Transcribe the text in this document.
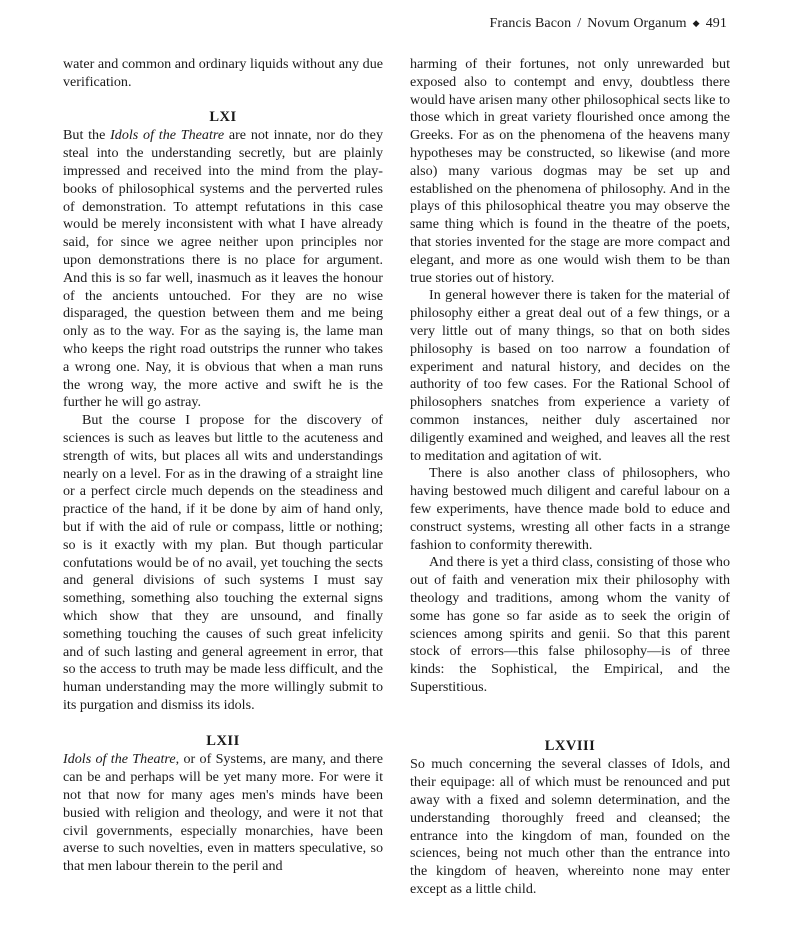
Francis Bacon / Novum Organum ◆ 491

water and common and ordinary liquids without any due verification.

LXI

But the Idols of the Theatre are not innate, nor do they steal into the understanding secretly, but are plainly impressed and received into the mind from the play-books of philosophical systems and the perverted rules of demonstration. To attempt refutations in this case would be merely inconsistent with what I have already said, for since we agree neither upon principles nor upon demonstrations there is no place for argument. And this is so far well, inasmuch as it leaves the honour of the ancients untouched. For they are no wise disparaged, the question between them and me being only as to the way. For as the saying is, the lame man who keeps the right road outstrips the runner who takes a wrong one. Nay, it is obvious that when a man runs the wrong way, the more active and swift he is the further he will go astray.

But the course I propose for the discovery of sciences is such as leaves but little to the acuteness and strength of wits, but places all wits and understandings nearly on a level. For as in the drawing of a straight line or a perfect circle much depends on the steadiness and practice of the hand, if it be done by aim of hand only, but if with the aid of rule or compass, little or nothing; so is it exactly with my plan. But though particular confutations would be of no avail, yet touching the sects and general divisions of such systems I must say something, something also touching the external signs which show that they are unsound, and finally something touching the causes of such great infelicity and of such lasting and general agreement in error, that so the access to truth may be made less difficult, and the human understanding may the more willingly submit to its purgation and dismiss its idols.

LXII

Idols of the Theatre, or of Systems, are many, and there can be and perhaps will be yet many more. For were it not that now for many ages men's minds have been busied with religion and theology, and were it not that civil governments, especially monarchies, have been averse to such novelties, even in matters speculative, so that men labour therein to the peril and

harming of their fortunes, not only unrewarded but exposed also to contempt and envy, doubtless there would have arisen many other philosophical sects like to those which in great variety flourished once among the Greeks. For as on the phenomena of the heavens many hypotheses may be constructed, so likewise (and more also) many various dogmas may be set up and established on the phenomena of philosophy. And in the plays of this philosophical theatre you may observe the same thing which is found in the theatre of the poets, that stories invented for the stage are more compact and elegant, and more as one would wish them to be than true stories out of history.

In general however there is taken for the material of philosophy either a great deal out of a few things, or a very little out of many things, so that on both sides philosophy is based on too narrow a foundation of experiment and natural history, and decides on the authority of too few cases. For the Rational School of philosophers snatches from experience a variety of common instances, neither duly ascertained nor diligently examined and weighed, and leaves all the rest to meditation and agitation of wit.

There is also another class of philosophers, who having bestowed much diligent and careful labour on a few experiments, have thence made bold to educe and construct systems, wresting all other facts in a strange fashion to conformity therewith.

And there is yet a third class, consisting of those who out of faith and veneration mix their philosophy with theology and traditions, among whom the vanity of some has gone so far aside as to seek the origin of sciences among spirits and genii. So that this parent stock of errors—this false philosophy—is of three kinds: the Sophistical, the Empirical, and the Superstitious.

LXVIII

So much concerning the several classes of Idols, and their equipage: all of which must be renounced and put away with a fixed and solemn determination, and the understanding thoroughly freed and cleansed; the entrance into the kingdom of man, founded on the sciences, being not much other than the entrance into the kingdom of heaven, whereinto none may enter except as a little child.
